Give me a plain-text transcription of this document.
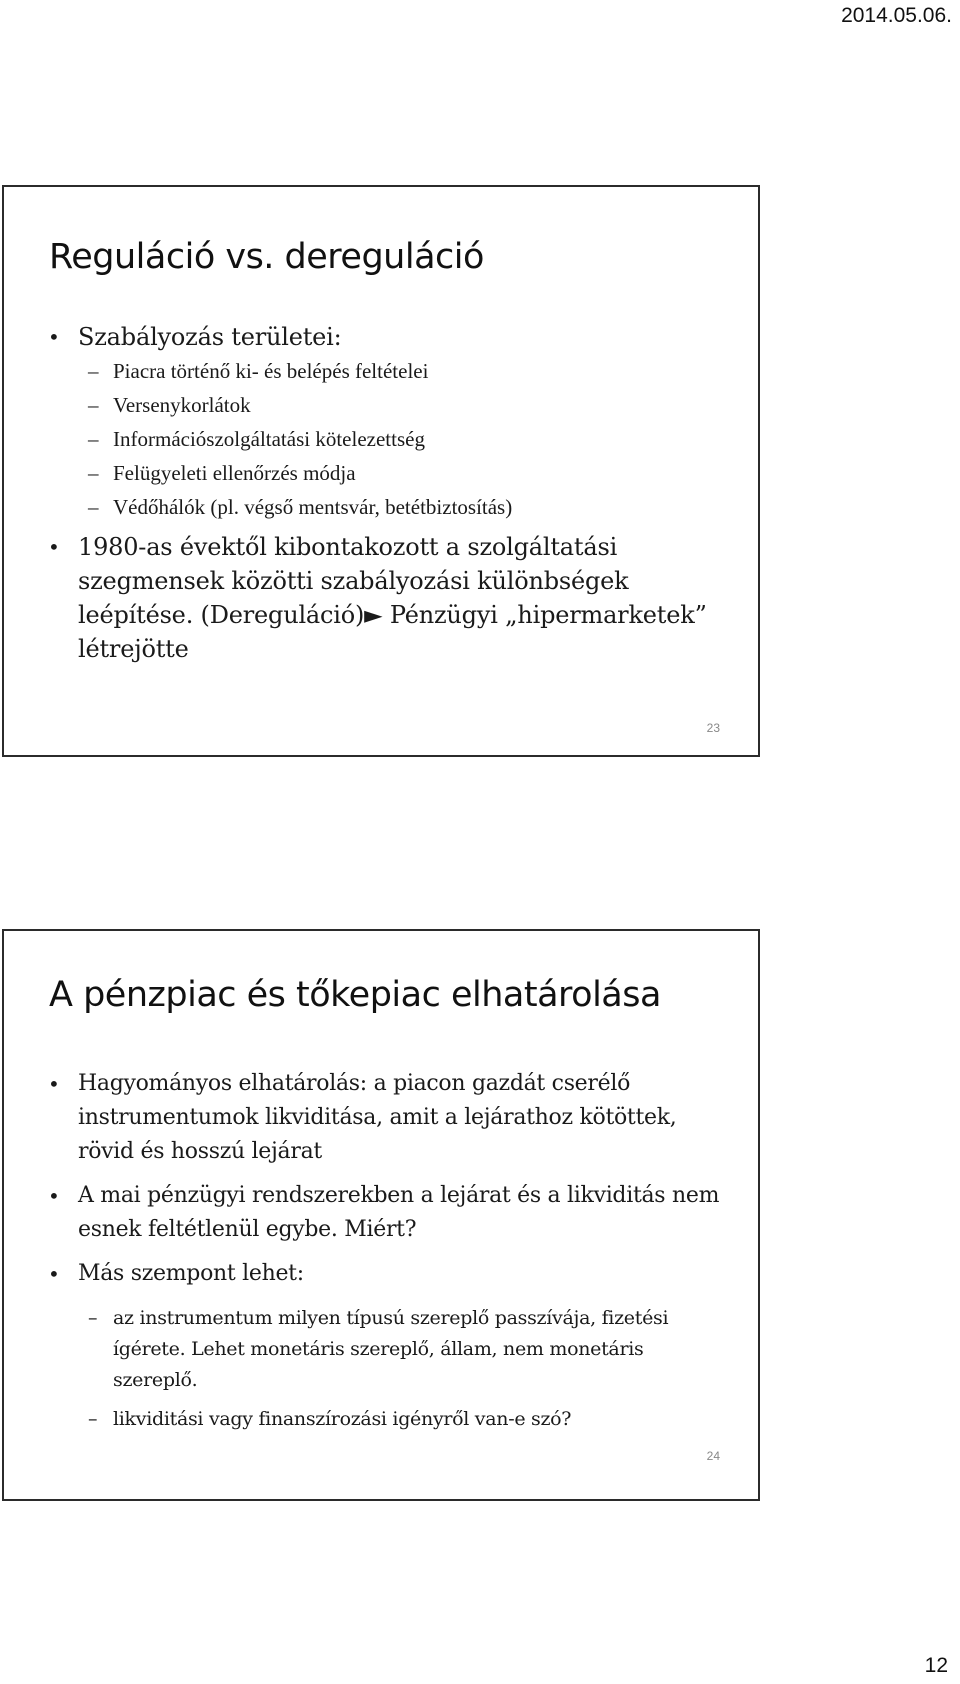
2014.05.06.
Reguláció vs. dereguláció
• Szabályozás területei:
– Piacra történő ki- és belépés feltételei
– Versenykorlátok
– Információszolgáltatási kötelezettség
– Felügyeleti ellenőrzés módja
– Védőhálók (pl. végső mentsvár, betétbiztosítás)
• 1980-as évektől kibontakozott a szolgáltatási szegmensek közötti szabályozási különbségek leépítése. (Dereguláció)► Pénzügyi „hipermarketek” létrejötte
23
A pénzpiac és tőkepiac elhatárolása
• Hagyományos elhatárolás: a piacon gazdát cserélő instrumentumok likviditása, amit a lejárathoz kötöttek, rövid és hosszú lejárat
• A mai pénzügyi rendszerekben a lejárat és a likviditás nem esnek feltétlenül egybe. Miért?
• Más szempont lehet:
– az instrumentum milyen típusú szereplő passzívája, fizetési ígérete. Lehet monetáris szereplő, állam, nem monetáris szereplő.
– likviditási vagy finanszírozási igényről van-e szó?
24
12
